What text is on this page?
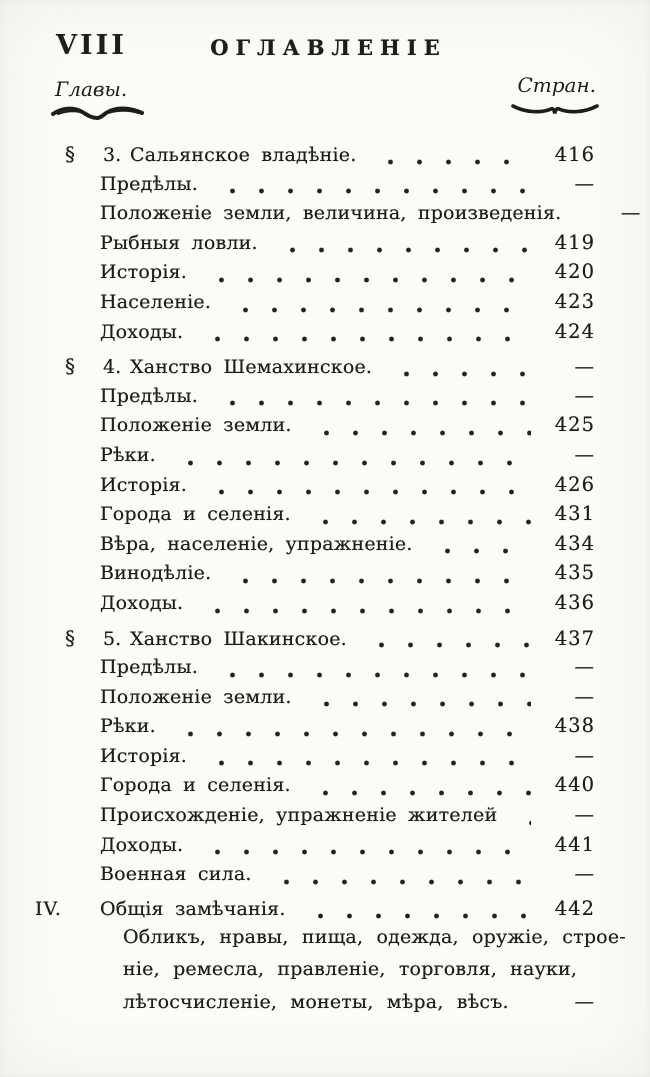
VIII	ОГЛАВЛЕНІЕ
Главы.	Стран.
§	3. Сальянское владѣніе.	416
Предѣлы.	—
Положеніе земли, величина, произведенія.	—
Рыбныя ловли.	419
Исторія.	420
Населеніе.	423
Доходы.	424
§	4. Ханство Шемахинское.	—
Предѣлы.	—
Положеніе земли.	425
Рѣки.	—
Исторія.	426
Города и селенія.	431
Вѣра, населеніе, упражненіе.	434
Винодѣліе.	435
Доходы.	436
§	5. Ханство Шакинское.	437
Предѣлы.	—
Положеніе земли.	—
Рѣки.	438
Исторія.	—
Города и селенія.	440
Происхожденіе, упражненіе жителей	—
Доходы.	441
Военная сила.	—
IV.	Общія замѣчанія.	442
Обликъ, нравы, пища, одежда, оружіе, строе-
ніе, ремесла, правленіе, торговля, науки,
лѣтосчисленіе, монеты, мѣра, вѣсъ.	—
